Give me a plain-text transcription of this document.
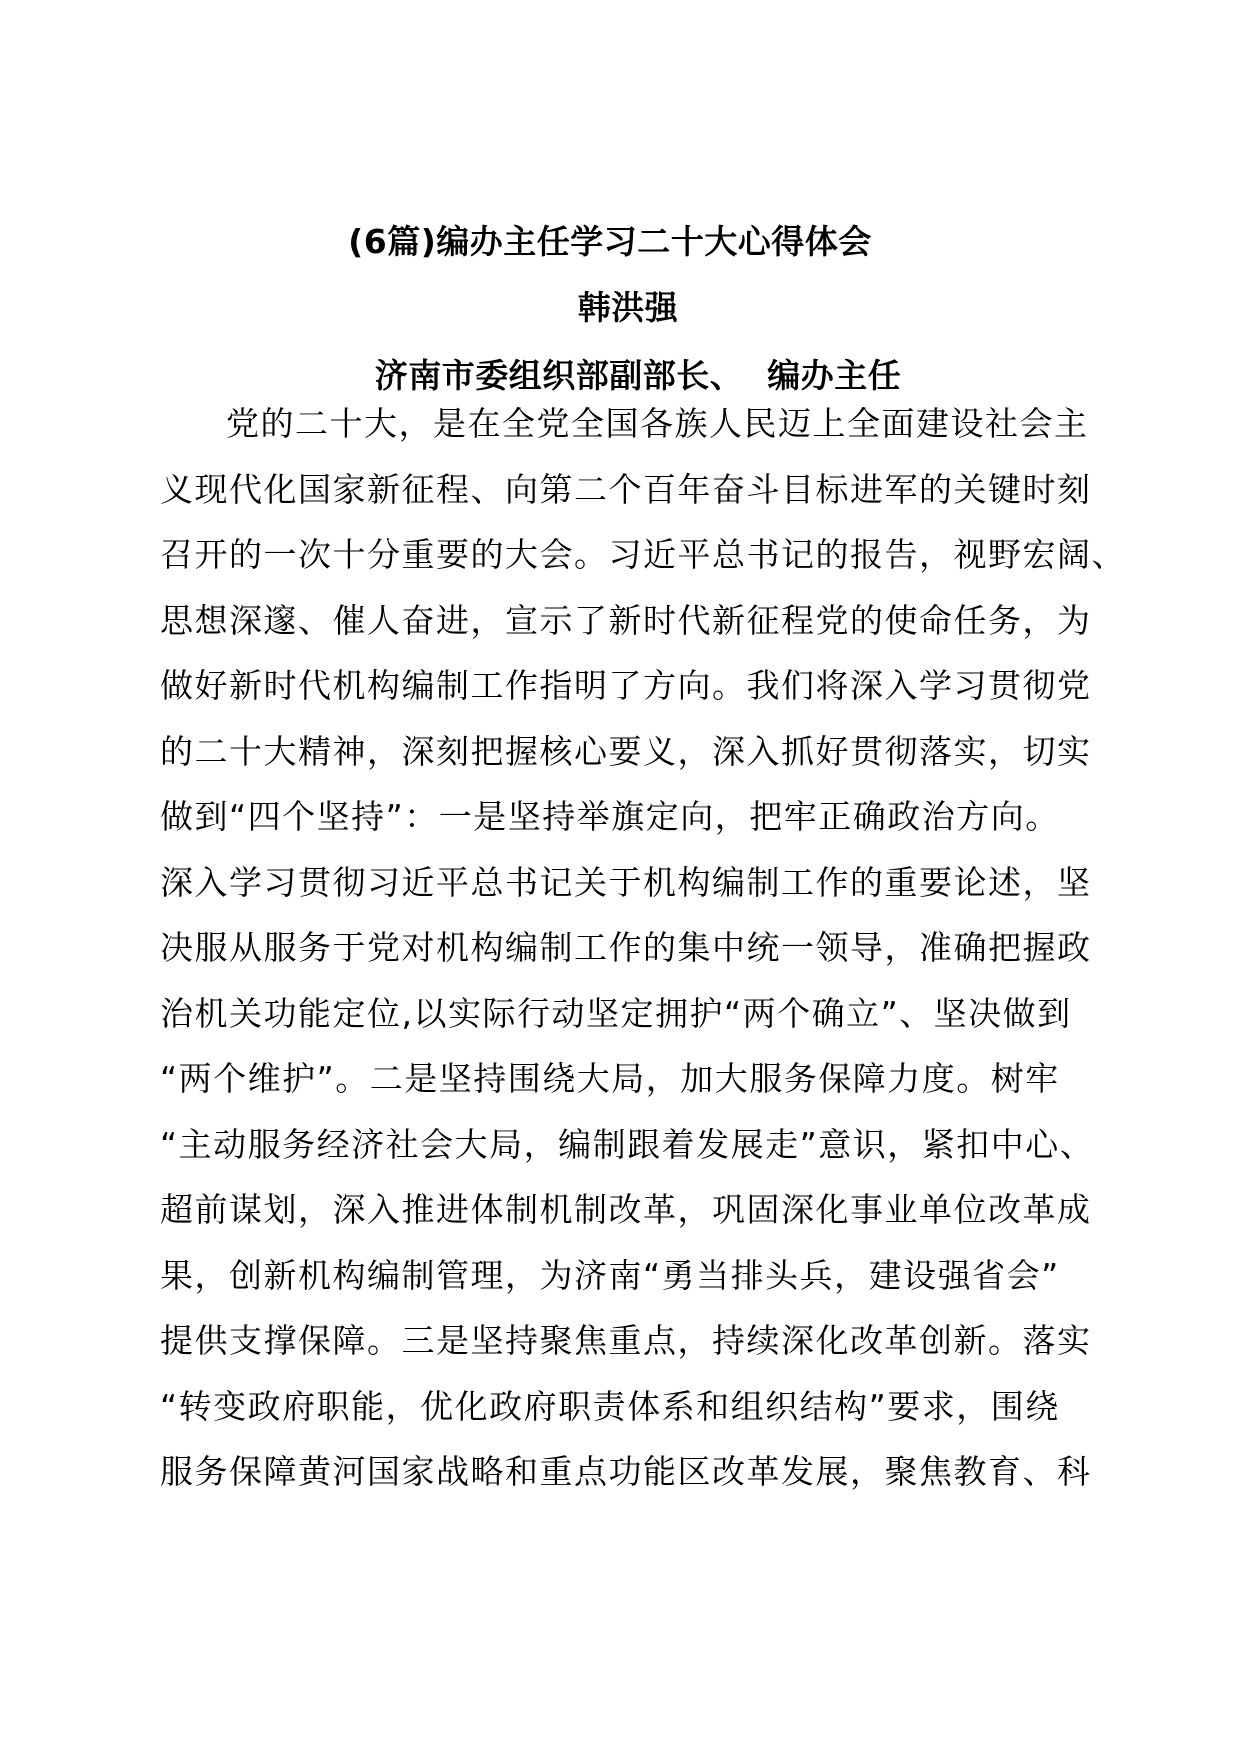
(6篇)编办主任学习二十大心得体会
韩洪强
济南市委组织部副部长、  编办主任
党的二十大，是在全党全国各族人民迈上全面建设社会主
义现代化国家新征程、向第二个百年奋斗目标进军的关键时刻
召开的一次十分重要的大会。习近平总书记的报告，视野宏阔、
思想深邃、催人奋进，宣示了新时代新征程党的使命任务，为
做好新时代机构编制工作指明了方向。我们将深入学习贯彻党
的二十大精神，深刻把握核心要义，深入抓好贯彻落实，切实
做到“四个坚持”：一是坚持举旗定向，把牢正确政治方向。
深入学习贯彻习近平总书记关于机构编制工作的重要论述，坚
决服从服务于党对机构编制工作的集中统一领导，准确把握政
治机关功能定位,以实际行动坚定拥护“两个确立”、坚决做到
“两个维护”。二是坚持围绕大局，加大服务保障力度。树牢
“主动服务经济社会大局，编制跟着发展走”意识，紧扣中心、
超前谋划，深入推进体制机制改革，巩固深化事业单位改革成
果，创新机构编制管理，为济南“勇当排头兵，建设强省会”
提供支撑保障。三是坚持聚焦重点，持续深化改革创新。落实
“转变政府职能，优化政府职责体系和组织结构”要求，围绕
服务保障黄河国家战略和重点功能区改革发展，聚焦教育、科
